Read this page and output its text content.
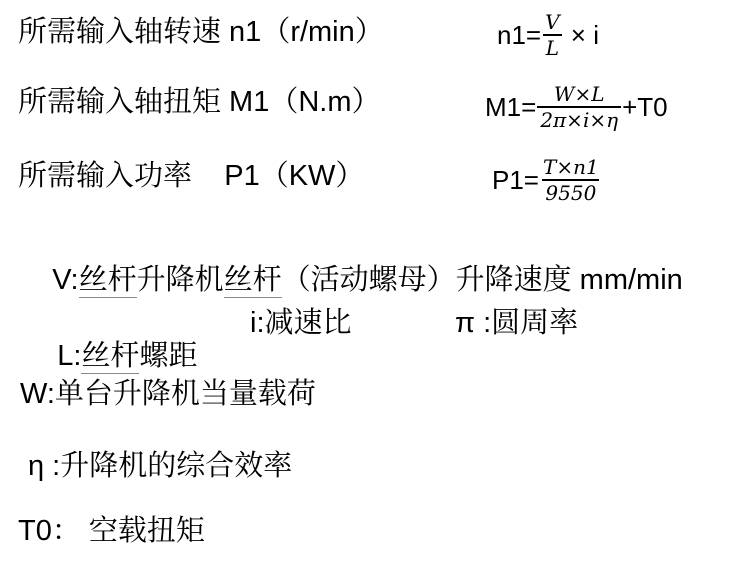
所需输入轴转速 n1（r/min）	$n1= \frac{V}{L} \times i$
所需输入轴扭矩 M1（N.m）	$M1= \frac{W\times L}{2\pi\times i\times\eta} +T0$
所需输入功率    P1（KW）	$P1= \frac{T\times n1}{9550}$

V:丝杆升降机丝杆（活动螺母）升降速度 mm/min

L:丝杆螺距

i:减速比	π :圆周率
W:单台升降机当量载荷
η :升降机的综合效率
T0： 空载扭矩
